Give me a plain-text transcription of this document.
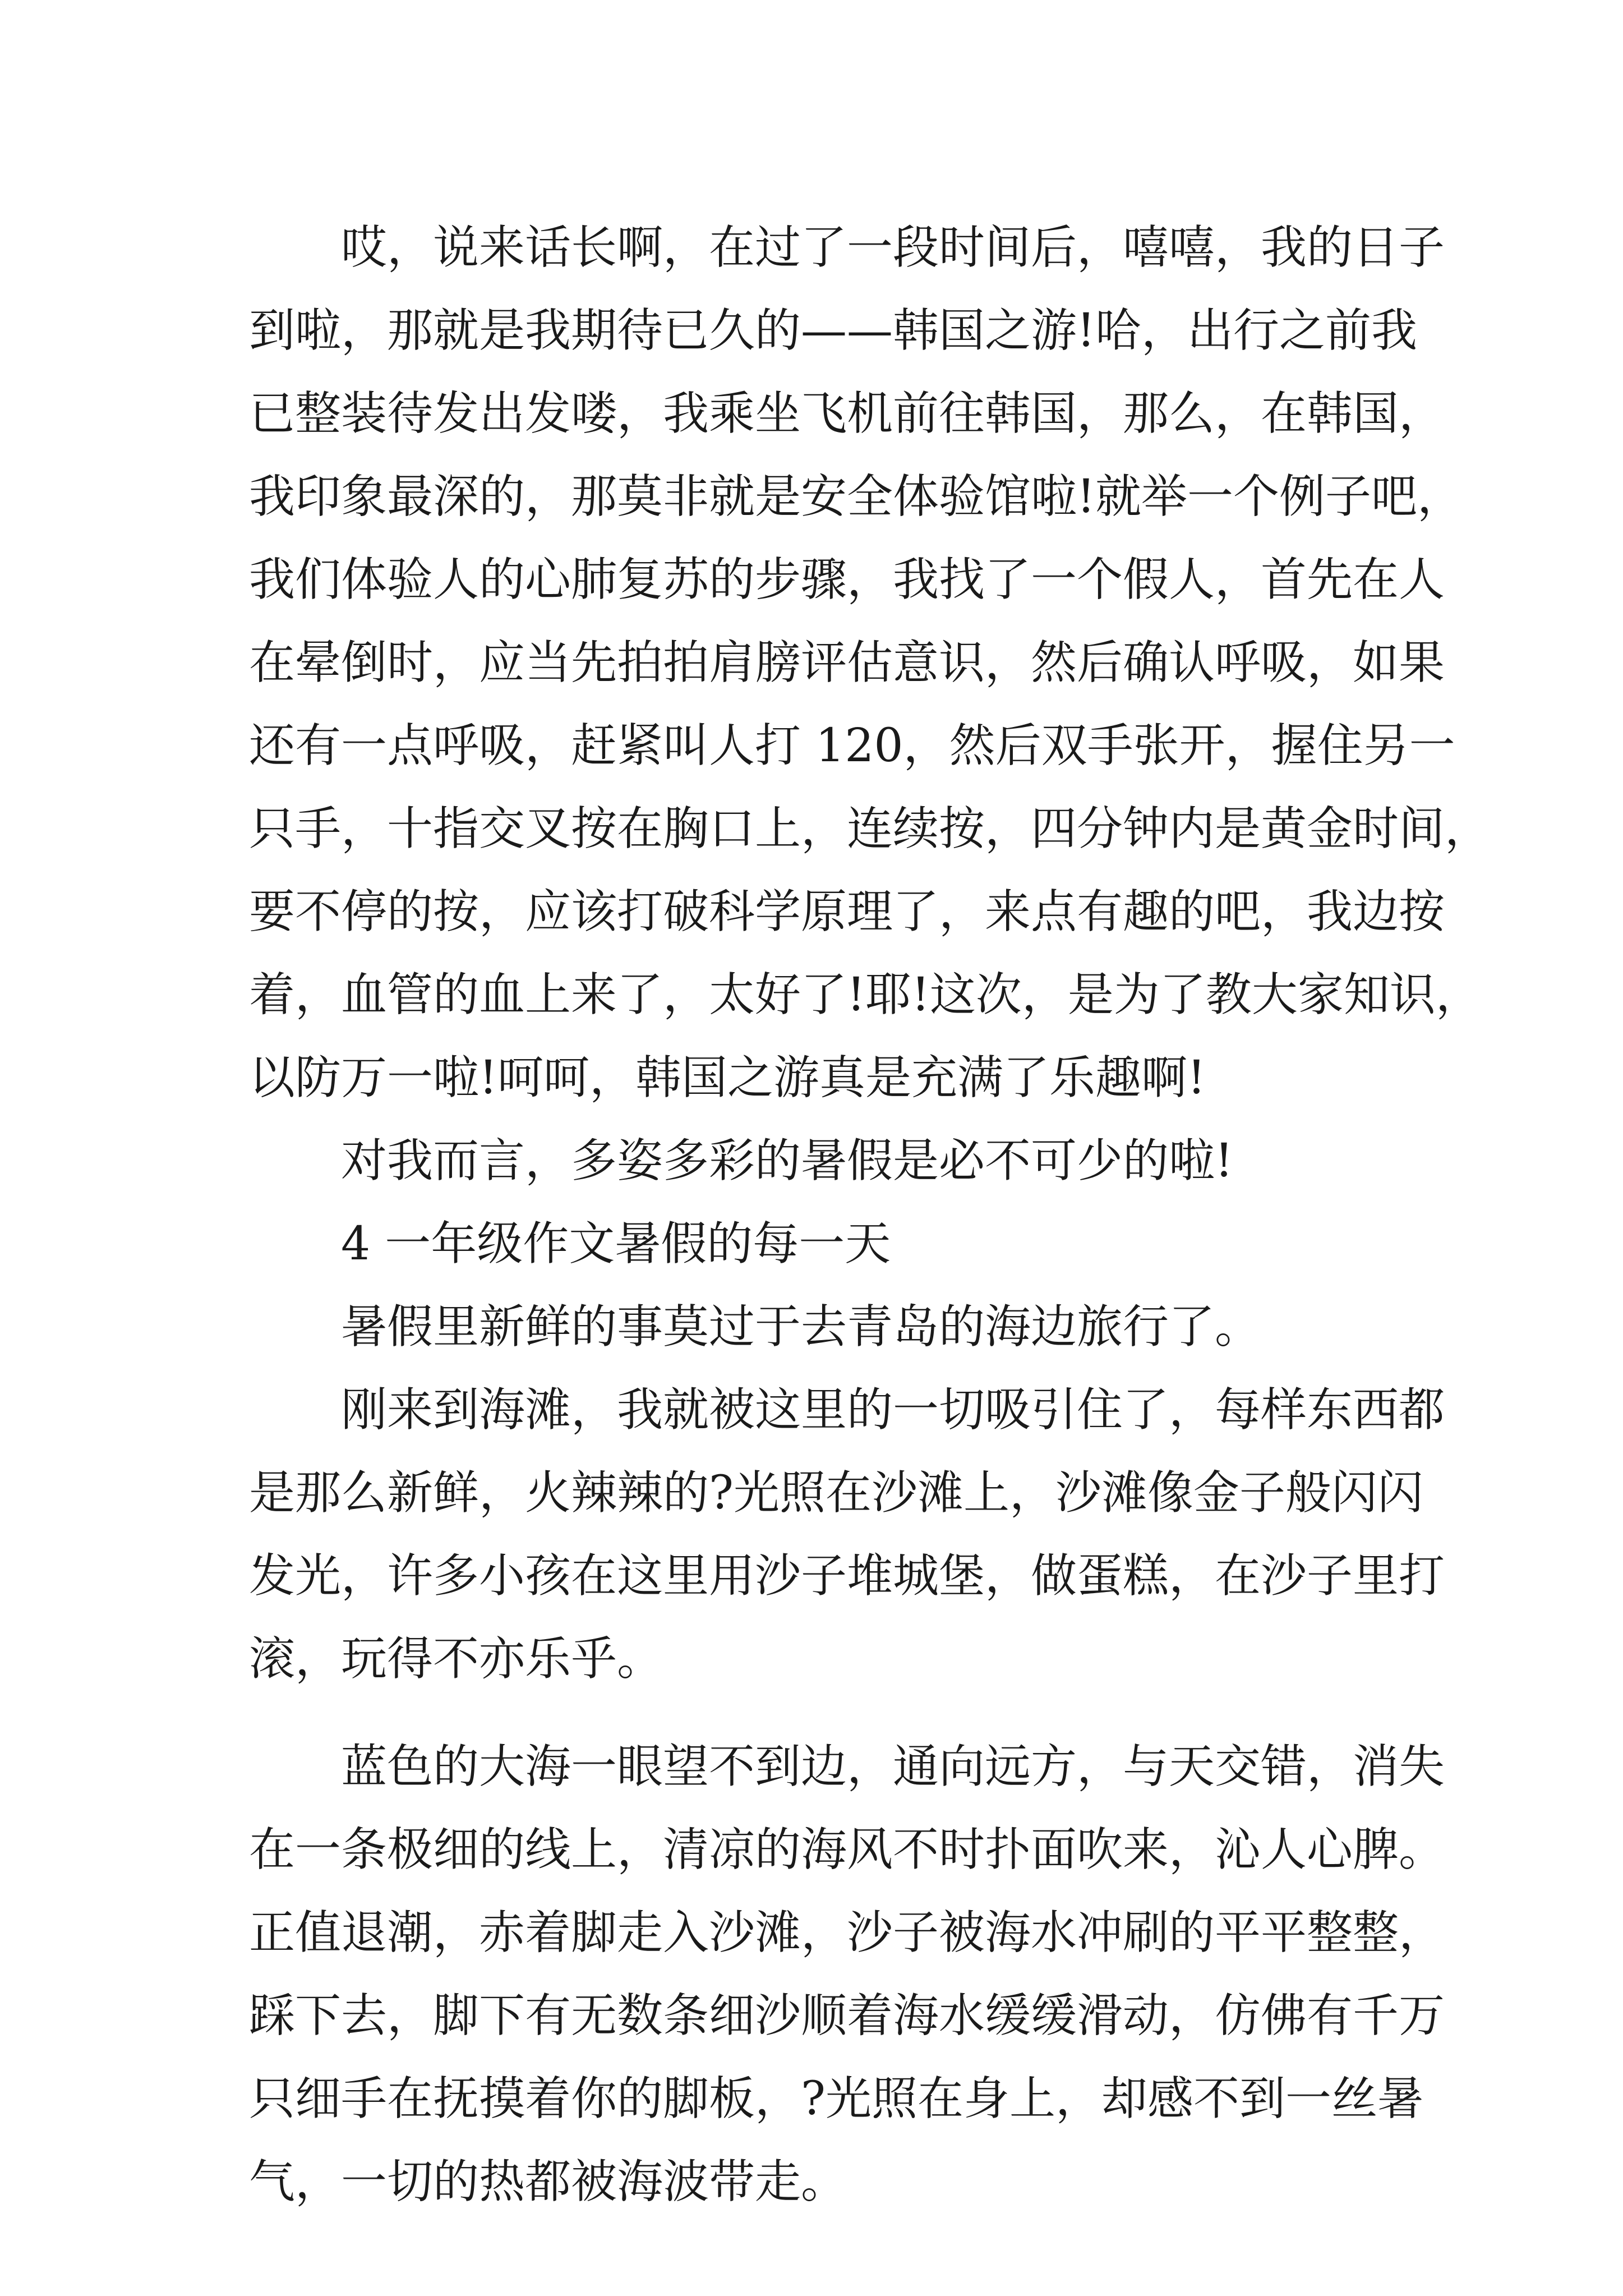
哎，说来话长啊，在过了一段时间后，嘻嘻，我的日子
到啦，那就是我期待已久的——韩国之游!哈，出行之前我
已整装待发出发喽，我乘坐飞机前往韩国，那么，在韩国，
我印象最深的，那莫非就是安全体验馆啦!就举一个例子吧，
我们体验人的心肺复苏的步骤，我找了一个假人，首先在人
在晕倒时，应当先拍拍肩膀评估意识，然后确认呼吸，如果
还有一点呼吸，赶紧叫人打 120，然后双手张开，握住另一
只手，十指交叉按在胸口上，连续按，四分钟内是黄金时间，
要不停的按，应该打破科学原理了，来点有趣的吧，我边按
着，血管的血上来了，太好了!耶!这次，是为了教大家知识，
以防万一啦!呵呵，韩国之游真是充满了乐趣啊!

对我而言，多姿多彩的暑假是必不可少的啦!

4 一年级作文暑假的每一天

暑假里新鲜的事莫过于去青岛的海边旅行了。

刚来到海滩，我就被这里的一切吸引住了，每样东西都
是那么新鲜，火辣辣的?光照在沙滩上，沙滩像金子般闪闪
发光，许多小孩在这里用沙子堆城堡，做蛋糕，在沙子里打
滚，玩得不亦乐乎。

蓝色的大海一眼望不到边，通向远方，与天交错，消失
在一条极细的线上，清凉的海风不时扑面吹来，沁人心脾。
正值退潮，赤着脚走入沙滩，沙子被海水冲刷的平平整整，
踩下去，脚下有无数条细沙顺着海水缓缓滑动，仿佛有千万
只细手在抚摸着你的脚板，?光照在身上，却感不到一丝暑
气，一切的热都被海波带走。
